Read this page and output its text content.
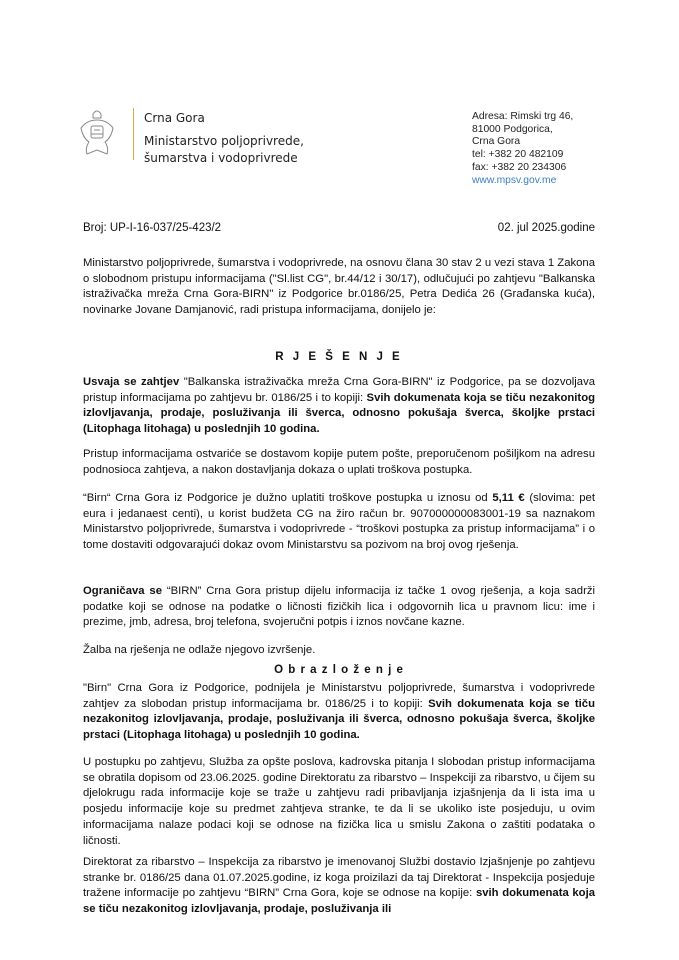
Crna Gora
Ministarstvo poljoprivrede,
šumarstva i vodoprivrede
Adresa: Rimski trg 46,
81000 Podgorica,
Crna Gora
tel: +382 20 482109
fax: +382 20 234306
www.mpsv.gov.me
Broj: UP-I-16-037/25-423/2	02. jul 2025.godine
Ministarstvo poljoprivrede, šumarstva i vodoprivrede, na osnovu člana 30 stav 2 u vezi stava 1 Zakona o slobodnom pristupu informacijama ("Sl.list CG", br.44/12 i 30/17), odlučujući po zahtjevu "Balkanska istraživačka mreža Crna Gora-BIRN" iz Podgorice br.0186/25, Petra Dedića 26 (Građanska kuća), novinarke Jovane Damjanović, radi pristupa informacijama, donijelo je:
R J E Š E N J E
Usvaja se zahtjev "Balkanska istraživačka mreža Crna Gora-BIRN" iz Podgorice, pa se dozvoljava pristup informacijama po zahtjevu br. 0186/25 i to kopiji: Svih dokumenata koja se tiču nezakonitog izlovljavanja, prodaje, posluživanja ili šverca, odnosno pokušaja šverca, školjke prstaci (Litophaga litohaga) u poslednjih 10 godina.
Pristup informacijama ostvariće se dostavom kopije putem pošte, preporučenom pošiljkom na adresu podnosioca zahtjeva, a nakon dostavljanja dokaza o uplati troškova postupka.
“Birn“ Crna Gora iz Podgorice je dužno uplatiti troškove postupka u iznosu od 5,11 € (slovima: pet eura i jedanaest centi), u korist budžeta CG na žiro račun br. 907000000083001-19 sa naznakom Ministarstvo poljoprivrede, šumarstva i vodoprivrede - “troškovi postupka za pristup informacijama” i o tome dostaviti odgovarajući dokaz ovom Ministarstvu sa pozivom na broj ovog rješenja.
Ograničava se “BIRN” Crna Gora pristup dijelu informacija iz tačke 1 ovog rješenja, a koja sadrži podatke koji se odnose na podatke o ličnosti fizičkih lica i odgovornih lica u pravnom licu: ime i prezime, jmb, adresa, broj telefona, svojeručni potpis i iznos novčane kazne.
Žalba na rješenja ne odlaže njegovo izvršenje.
O b r a z l o ž e n j e
"Birn" Crna Gora iz Podgorice, podnijela je Ministarstvu poljoprivrede, šumarstva i vodoprivrede zahtjev za slobodan pristup informacijama br. 0186/25 i to kopiji: Svih dokumenata koja se tiču nezakonitog izlovljavanja, prodaje, posluživanja ili šverca, odnosno pokušaja šverca, školjke prstaci (Litophaga litohaga) u poslednjih 10 godina.
U postupku po zahtjevu, Služba za opšte poslova, kadrovska pitanja I slobodan pristup informacijama se obratila dopisom od 23.06.2025. godine Direktoratu za ribarstvo – Inspekciji za ribarstvo, u čijem su djelokrugu rada informacije koje se traže u zahtjevu radi pribavljanja izjašnjenja da li ista ima u posjedu informacije koje su predmet zahtjeva stranke, te da li se ukoliko iste posjeduju, u ovim informacijama nalaze podaci koji se odnose na fizička lica u smislu Zakona o zaštiti podataka o ličnosti.
Direktorat za ribarstvo – Inspekcija za ribarstvo je imenovanoj Službi dostavio Izjašnjenje po zahtjevu stranke br. 0186/25 dana 01.07.2025.godine, iz koga proizilazi da taj Direktorat - Inspekcija posjeduje tražene informacije po zahtjevu “BIRN” Crna Gora, koje se odnose na kopije: svih dokumenata koja se tiču nezakonitog izlovljavanja, prodaje, posluživanja ili
